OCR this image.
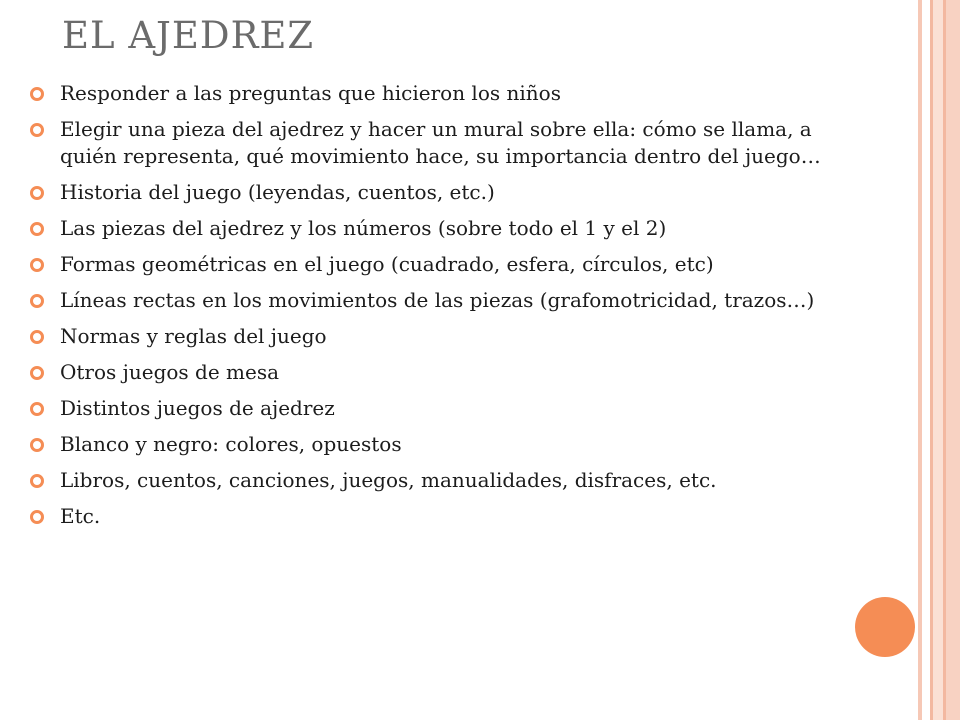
EL AJEDREZ
Responder a las preguntas que hicieron los niños
Elegir una pieza del ajedrez y hacer un mural sobre ella: cómo se llama, a quién representa, qué movimiento hace, su importancia dentro del juego…
Historia del juego (leyendas, cuentos, etc.)
Las piezas del ajedrez y los números (sobre todo el 1 y el 2)
Formas geométricas en el juego (cuadrado, esfera, círculos, etc)
Líneas rectas en los movimientos de las piezas (grafomotricidad, trazos…)
Normas y reglas del juego
Otros juegos de mesa
Distintos juegos de ajedrez
Blanco y negro: colores, opuestos
Libros, cuentos, canciones, juegos, manualidades, disfraces, etc.
Etc.
